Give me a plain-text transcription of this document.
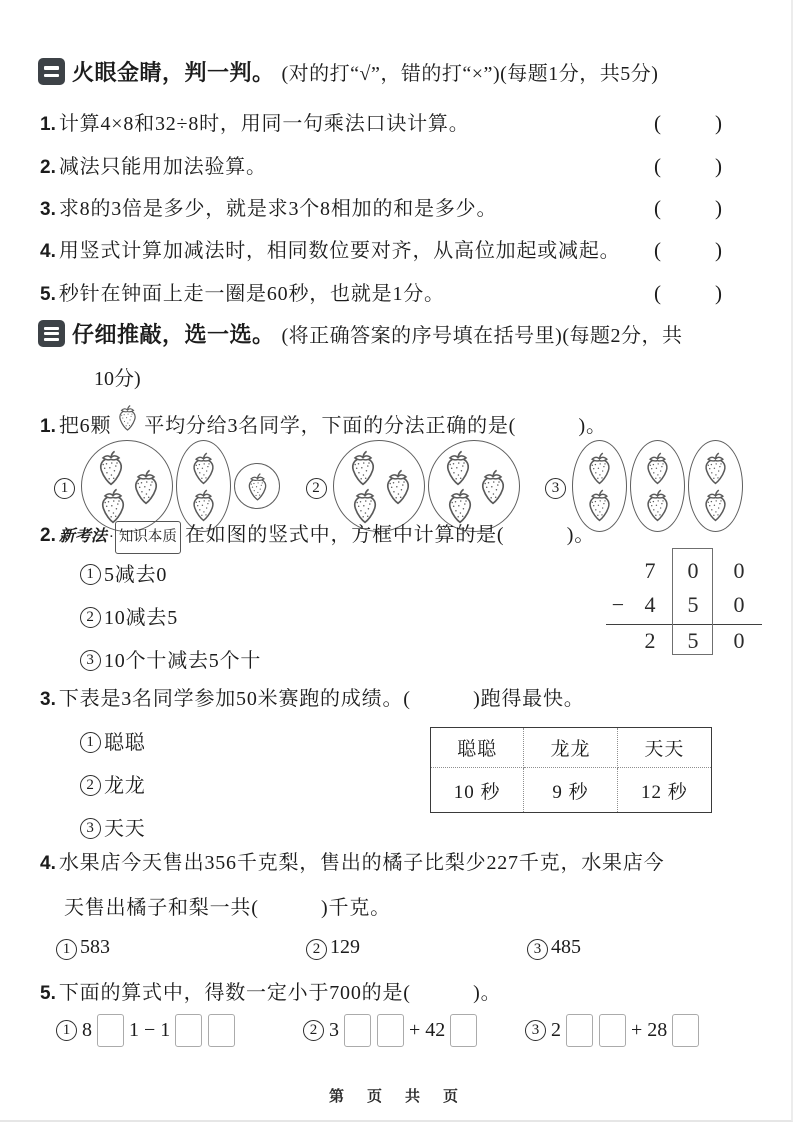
火眼金睛，判一判。 (对的打“√”，错的打“×”)(每题1分，共5分)
1. 计算4×8和32÷8时，用同一句乘法口诀计算。	(	)
2. 减法只能用加法验算。	(	)
3. 求8的3倍是多少，就是求3个8相加的和是多少。	(	)
4. 用竖式计算加减法时，相同数位要对齐，从高位加起或减起。	(	)
5. 秒针在钟面上走一圈是60秒，也就是1分。	(	)
仔细推敲，选一选。 (将正确答案的序号填在括号里)(每题2分，共
10分)
1. 把6颗 平均分给3名同学，下面的分法正确的是(　　　)。
1	2	3
2. 新考法 · 知识本质 在如图的竖式中，方框中计算的是(　　　)。
1 5减去0
2 10减去5
3 10个十减去5个十
7	0	0
− 4	5	0
2	5	0
3. 下表是3名同学参加50米赛跑的成绩。(　　　)跑得最快。
1 聪聪
2 龙龙
3 天天
聪聪	龙龙	天天
10 秒	9 秒	12 秒
4. 水果店今天售出356千克梨，售出的橘子比梨少227千克，水果店今
天售出橘子和梨一共(　　　)千克。
1 583	2 129	3 485
5. 下面的算式中，得数一定小于700的是(　　　)。
1 8 1 − 1	2 3	+ 42	3 2	+ 28
第　页　共　页
